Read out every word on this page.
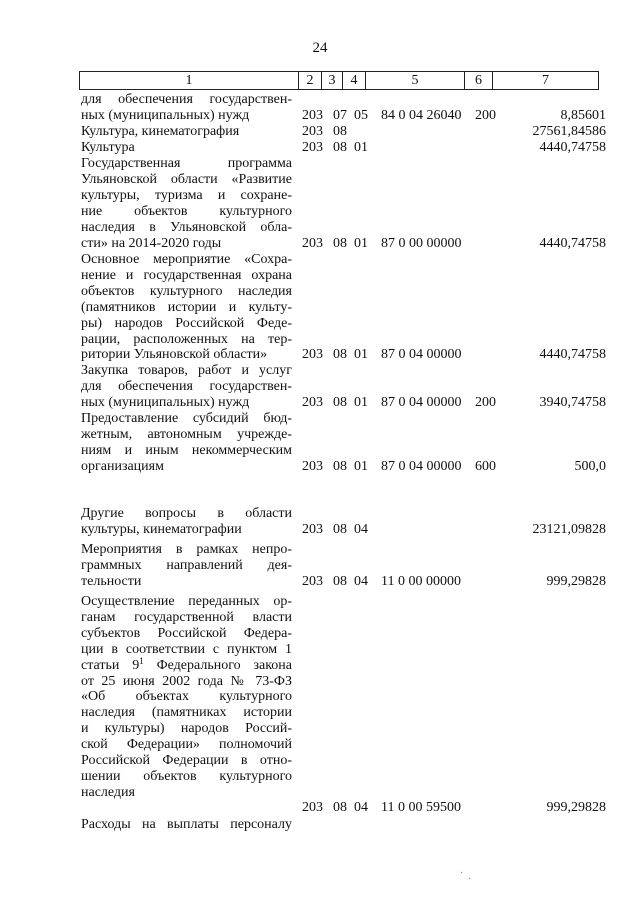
24
1	2	3	4	5	6	7
для обеспечения государствен-
ных (муниципальных) нужд	203 07 05 84 0 04 26040 200	8,85601
Культура, кинематография	203 08	27561,84586
Культура	203 08 01	4440,74758
Государственная программа
Ульяновской области «Развитие
культуры, туризма и сохране-
ние объектов культурного
наследия в Ульяновской обла-
сти» на 2014-2020 годы	203 08 01 87 0 00 00000	4440,74758
Основное мероприятие «Сохра-
нение и государственная охрана
объектов культурного наследия
(памятников истории и культу-
ры) народов Российской Феде-
рации, расположенных на тер-
ритории Ульяновской области»	203 08 01 87 0 04 00000	4440,74758
Закупка товаров, работ и услуг
для обеспечения государствен-
ных (муниципальных) нужд	203 08 01 87 0 04 00000 200	3940,74758
Предоставление субсидий бюд-
жетным, автономным учрежде-
ниям и иным некоммерческим
организациям	203 08 01 87 0 04 00000 600	500,0
Другие вопросы в области
культуры, кинематографии	203 08 04	23121,09828
Мероприятия в рамках непро-
граммных направлений дея-
тельности	203 08 04 11 0 00 00000	999,29828
Осуществление переданных ор-
ганам государственной власти
субъектов Российской Федера-
ции в соответствии с пунктом 1
статьи $9^1$ Федерального закона
от 25 июня 2002 года № 73-ФЗ
«Об объектах культурного
наследия (памятниках истории
и культуры) народов Россий-
ской Федерации» полномочий
Российской Федерации в отно-
шении объектов культурного
наследия
203 08 04 11 0 00 59500	999,29828
Расходы на выплаты персоналу
·
·
